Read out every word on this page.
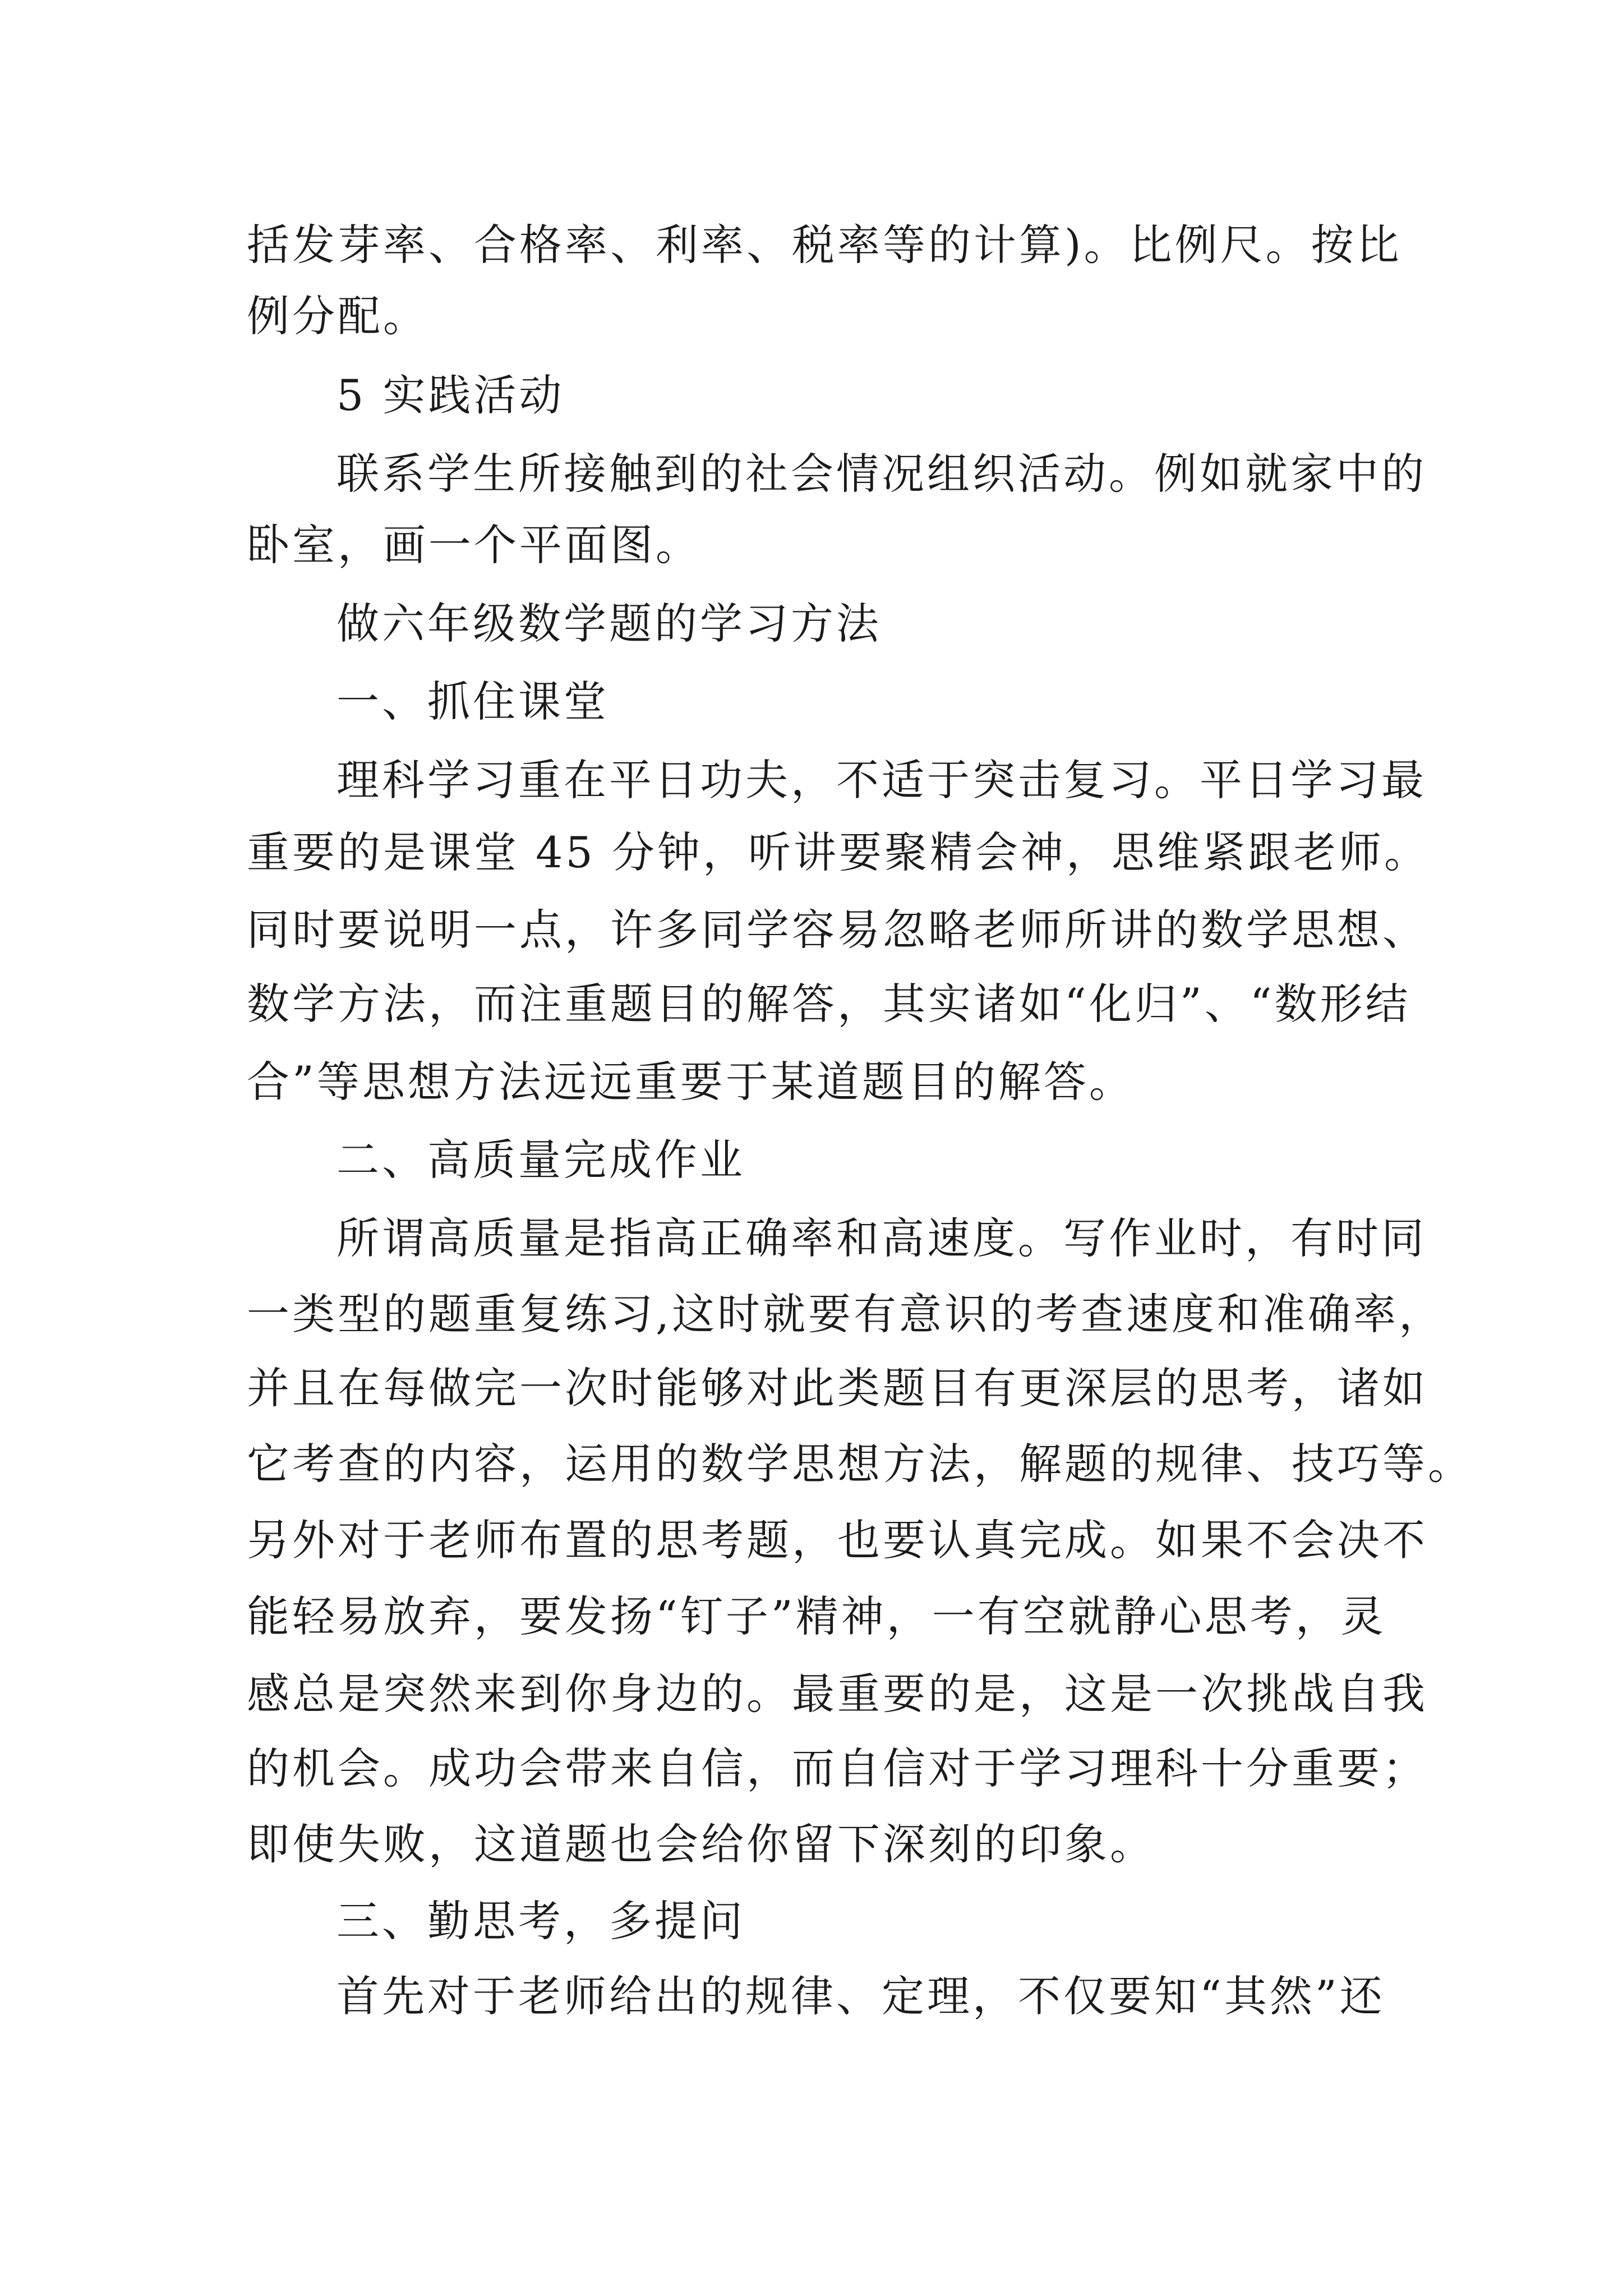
括发芽率、合格率、利率、税率等的计算)。比例尺。按比
例分配。
5 实践活动
联系学生所接触到的社会情况组织活动。例如就家中的
卧室，画一个平面图。
做六年级数学题的学习方法
一、抓住课堂
理科学习重在平日功夫，不适于突击复习。平日学习最
重要的是课堂 45 分钟，听讲要聚精会神，思维紧跟老师。
同时要说明一点，许多同学容易忽略老师所讲的数学思想、
数学方法，而注重题目的解答，其实诸如“化归”、“数形结
合”等思想方法远远重要于某道题目的解答。
二、高质量完成作业
所谓高质量是指高正确率和高速度。写作业时，有时同
一类型的题重复练习,这时就要有意识的考查速度和准确率，
并且在每做完一次时能够对此类题目有更深层的思考，诸如
它考查的内容，运用的数学思想方法，解题的规律、技巧等。
另外对于老师布置的思考题，也要认真完成。如果不会决不
能轻易放弃，要发扬“钉子”精神，一有空就静心思考，灵
感总是突然来到你身边的。最重要的是，这是一次挑战自我
的机会。成功会带来自信，而自信对于学习理科十分重要；
即使失败，这道题也会给你留下深刻的印象。
三、勤思考，多提问
首先对于老师给出的规律、定理，不仅要知“其然”还
